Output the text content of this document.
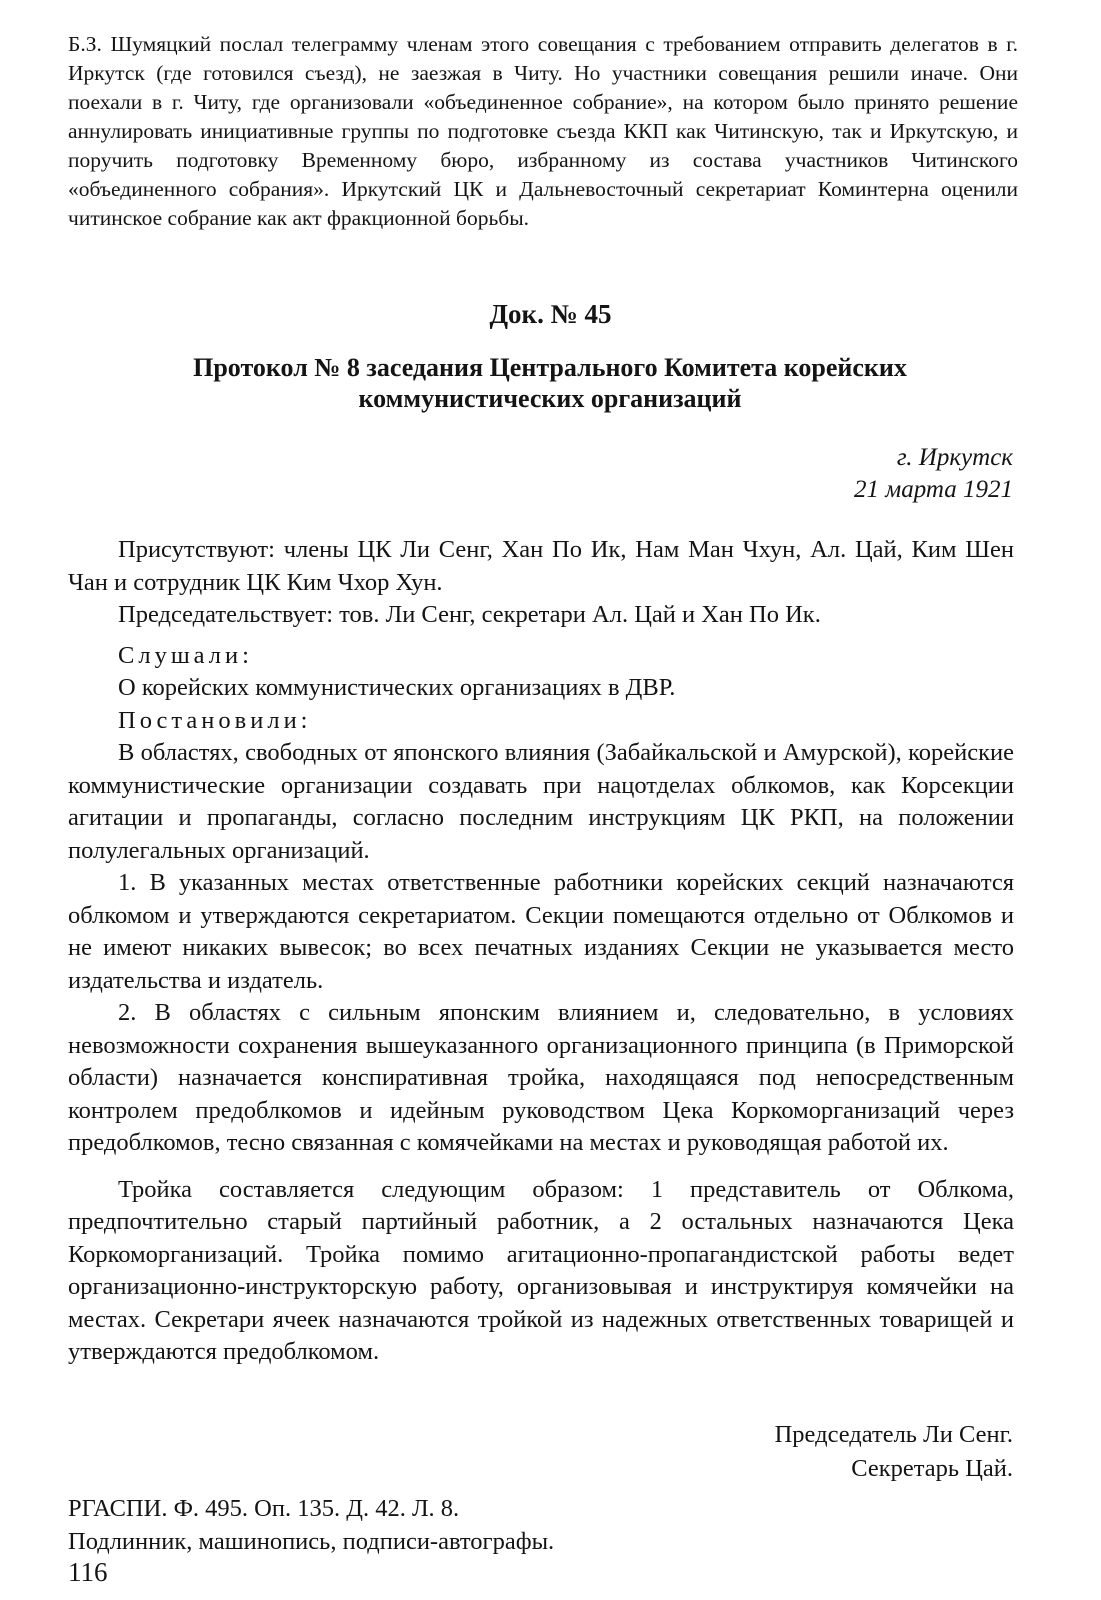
Б.З. Шумяцкий послал телеграмму членам этого совещания с требованием отправить делегатов в г. Иркутск (где готовился съезд), не заезжая в Читу. Но участники совещания решили иначе. Они поехали в г. Читу, где организовали «объединенное собрание», на котором было принято решение аннулировать инициативные группы по подготовке съезда ККП как Читинскую, так и Иркутскую, и поручить подготовку Временному бюро, избранному из состава участников Читинского «объединенного собрания». Иркутский ЦК и Дальневосточный секретариат Коминтерна оценили читинское собрание как акт фракционной борьбы.

Док. № 45
Протокол № 8 заседания Центрального Комитета корейских коммунистических организаций
г. Иркутск
21 марта 1921

Присутствуют: члены ЦК Ли Сенг, Хан По Ик, Нам Ман Чхун, Ал. Цай, Ким Шен Чан и сотрудник ЦК Ким Чхор Хун.

Председательствует: тов. Ли Сенг, секретари Ал. Цай и Хан По Ик.

Слушали:

О корейских коммунистических организациях в ДВР.

Постановили:

В областях, свободных от японского влияния (Забайкальской и Амурской), корейские коммунистические организации создавать при нацотделах облкомов, как Корсекции агитации и пропаганды, согласно последним инструкциям ЦК РКП, на положении полулегальных организаций.

1. В указанных местах ответственные работники корейских секций назначаются облкомом и утверждаются секретариатом. Секции помещаются отдельно от Облкомов и не имеют никаких вывесок; во всех печатных изданиях Секции не указывается место издательства и издатель.

2. В областях с сильным японским влиянием и, следовательно, в условиях невозможности сохранения вышеуказанного организационного принципа (в Приморской области) назначается конспиративная тройка, находящаяся под непосредственным контролем предоблкомов и идейным руководством Цека Коркоморганизаций через предоблкомов, тесно связанная с комячейками на местах и руководящая работой их.

Тройка составляется следующим образом: 1 представитель от Облкома, предпочтительно старый партийный работник, а 2 остальных назначаются Цека Коркоморганизаций. Тройка помимо агитационно-пропагандистской работы ведет организационно-инструкторскую работу, организовывая и инструктируя комячейки на местах. Секретари ячеек назначаются тройкой из надежных ответственных товарищей и утверждаются предоблкомом.

Председатель Ли Сенг.
Секретарь Цай.
РГАСПИ. Ф. 495. Оп. 135. Д. 42. Л. 8.
Подлинник, машинопись, подписи-автографы.
116
